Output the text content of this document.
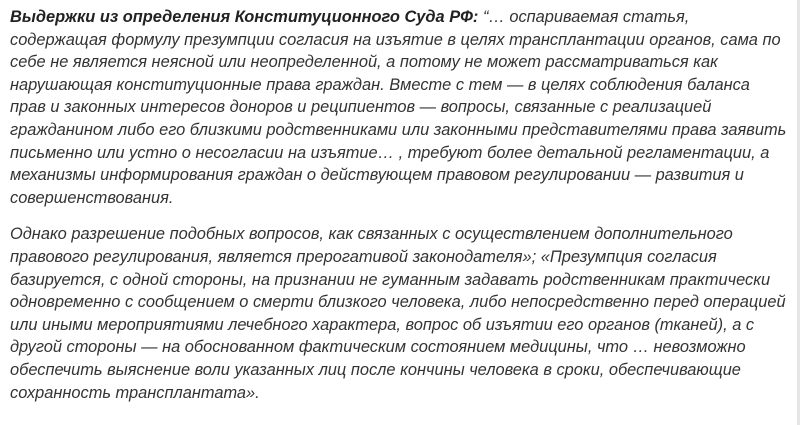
Выдержки из определения Конституционного Суда РФ: “… оспариваемая статья, содержащая формулу презумпции согласия на изъятие в целях трансплантации органов, сама по себе не является неясной или неопределенной, а потому не может рассматриваться как нарушающая конституционные права граждан. Вместе с тем — в целях соблюдения баланса прав и законных интересов доноров и реципиентов — вопросы, связанные с реализацией гражданином либо его близкими родственниками или законными представителями права заявить письменно или устно о несогласии на изъятие… , требуют более детальной регламентации, а механизмы информирования граждан о действующем правовом регулировании — развития и совершенствования.

Однако разрешение подобных вопросов, как связанных с осуществлением дополнительного правового регулирования, является прерогативой законодателя»; «Презумпция согласия базируется, с одной стороны, на признании не гуманным задавать родственникам практически одновременно с сообщением о смерти близкого человека, либо непосредственно перед операцией или иными мероприятиями лечебного характера, вопрос об изъятии его органов (тканей), а с другой стороны — на обоснованном фактическим состоянием медицины, что … невозможно обеспечить выяснение воли указанных лиц после кончины человека в сроки, обеспечивающие сохранность трансплантата».
